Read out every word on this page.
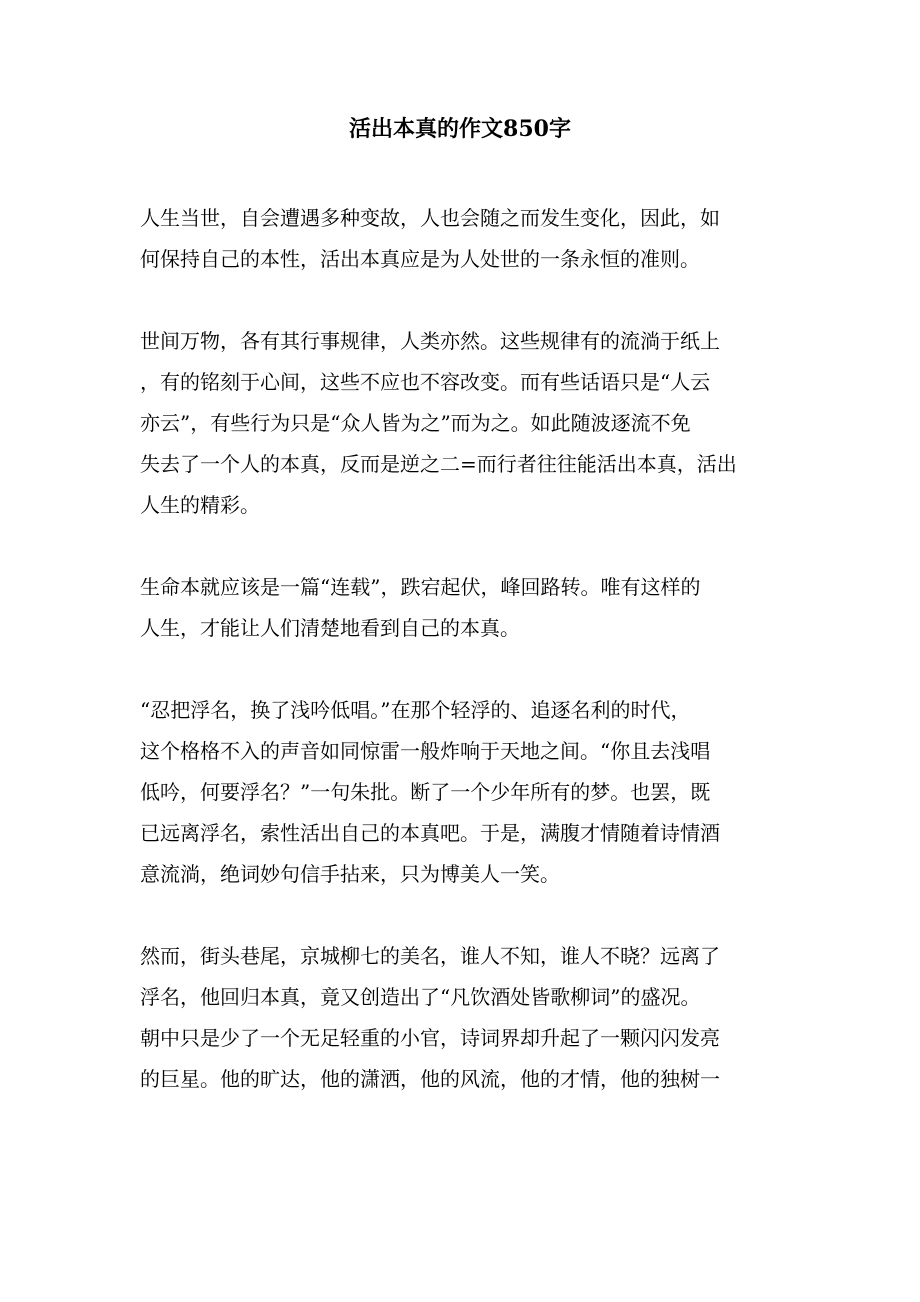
活出本真的作文850字
人生当世，自会遭遇多种变故，人也会随之而发生变化，因此，如
何保持自己的本性，活出本真应是为人处世的一条永恒的准则。
世间万物，各有其行事规律，人类亦然。这些规律有的流淌于纸上
，有的铭刻于心间，这些不应也不容改变。而有些话语只是“人云
亦云”，有些行为只是“众人皆为之”而为之。如此随波逐流不免
失去了一个人的本真，反而是逆之二=而行者往往能活出本真，活出
人生的精彩。
生命本就应该是一篇“连载”，跌宕起伏，峰回路转。唯有这样的
人生，才能让人们清楚地看到自己的本真。
“忍把浮名，换了浅吟低唱。”在那个轻浮的、追逐名利的时代，
这个格格不入的声音如同惊雷一般炸响于天地之间。“你且去浅唱
低吟，何要浮名？”一句朱批。断了一个少年所有的梦。也罢，既
已远离浮名，索性活出自己的本真吧。于是，满腹才情随着诗情酒
意流淌，绝词妙句信手拈来，只为博美人一笑。
然而，街头巷尾，京城柳七的美名，谁人不知，谁人不晓？远离了
浮名，他回归本真，竟又创造出了“凡饮酒处皆歌柳词”的盛况。
朝中只是少了一个无足轻重的小官，诗词界却升起了一颗闪闪发亮
的巨星。他的旷达，他的潇洒，他的风流，他的才情，他的独树一
